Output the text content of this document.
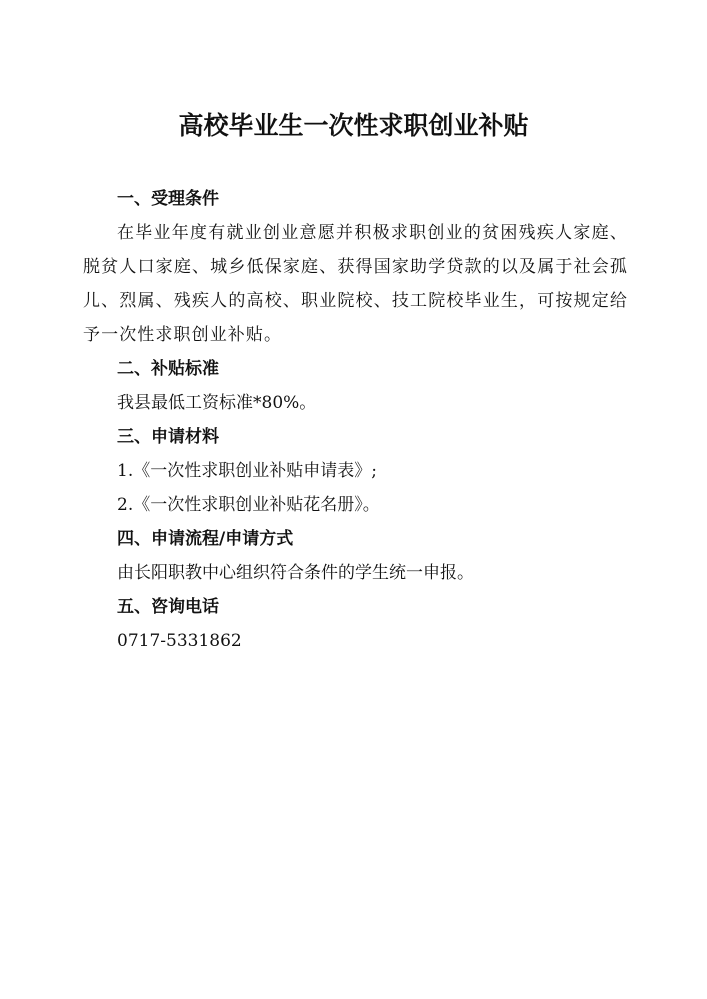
高校毕业生一次性求职创业补贴
一、受理条件
在毕业年度有就业创业意愿并积极求职创业的贫困残疾人家庭、脱贫人口家庭、城乡低保家庭、获得国家助学贷款的以及属于社会孤儿、烈属、残疾人的高校、职业院校、技工院校毕业生，可按规定给予一次性求职创业补贴。
二、补贴标准
我县最低工资标准*80%。
三、申请材料
1.《一次性求职创业补贴申请表》;
2.《一次性求职创业补贴花名册》。
四、申请流程/申请方式
由长阳职教中心组织符合条件的学生统一申报。
五、咨询电话
0717-5331862
